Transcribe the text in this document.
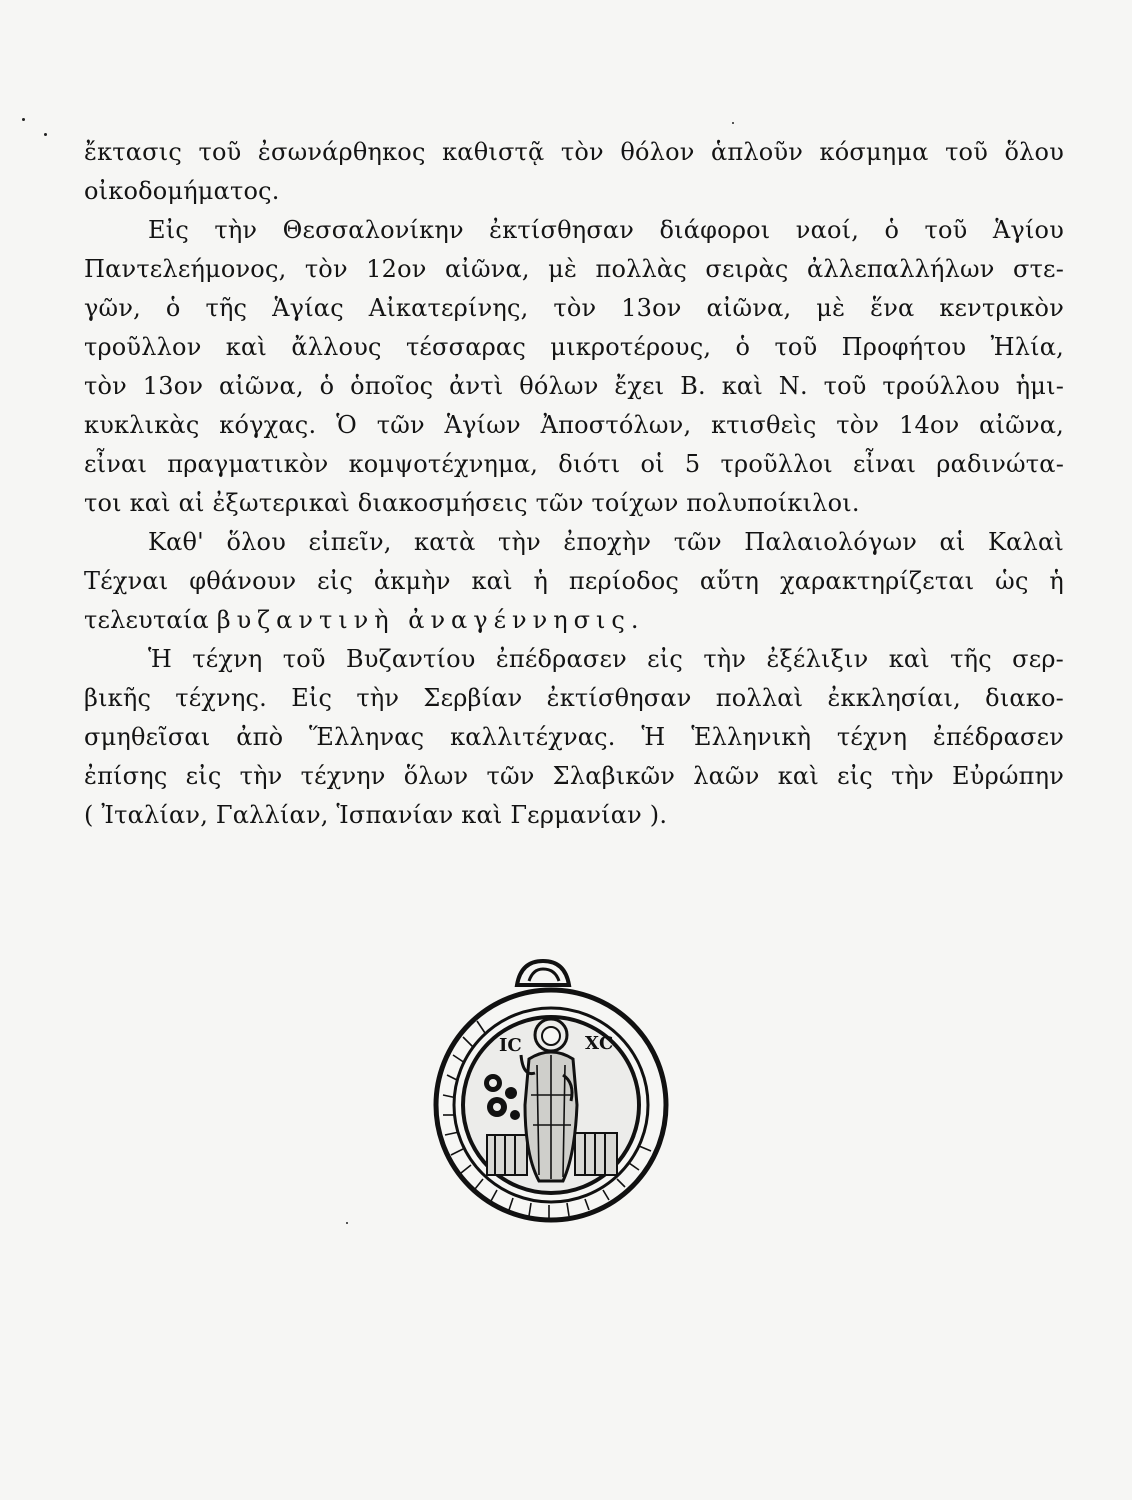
ἔκτασις τοῦ ἐσωνάρθηκος καθιστᾷ τὸν θόλον ἁπλοῦν κόσμημα τοῦ ὅλου
οἰκοδομήματος.
Εἰς τὴν Θεσσαλονίκην ἐκτίσθησαν διάφοροι ναοί, ὁ τοῦ Ἁγίου
Παντελεήμονος, τὸν 12ον αἰῶνα, μὲ πολλὰς σειρὰς ἀλλεπαλλήλων στε-
γῶν, ὁ τῆς Ἁγίας Αἰκατερίνης, τὸν 13ον αἰῶνα, μὲ ἕνα κεντρικὸν
τροῦλλον καὶ ἄλλους τέσσαρας μικροτέρους, ὁ τοῦ Προφήτου Ἠλία,
τὸν 13ον αἰῶνα, ὁ ὁποῖος ἀντὶ θόλων ἔχει Β. καὶ Ν. τοῦ τρούλλου ἡμι-
κυκλικὰς κόγχας. Ὁ τῶν Ἁγίων Ἀποστόλων, κτισθεὶς τὸν 14ον αἰῶνα,
εἶναι πραγματικὸν κομψοτέχνημα, διότι οἱ 5 τροῦλλοι εἶναι ραδινώτα-
τοι καὶ αἱ ἐξωτερικαὶ διακοσμήσεις τῶν τοίχων πολυποίκιλοι.
Καθ' ὅλου εἰπεῖν, κατὰ τὴν ἐποχὴν τῶν Παλαιολόγων αἱ Καλαὶ
Τέχναι φθάνουν εἰς ἀκμὴν καὶ ἡ περίοδος αὕτη χαρακτηρίζεται ὡς ἡ
τελευταία βυζαντινὴ ἀναγέννησις.
Ἡ τέχνη τοῦ Βυζαντίου ἐπέδρασεν εἰς τὴν ἐξέλιξιν καὶ τῆς σερ-
βικῆς τέχνης. Εἰς τὴν Σερβίαν ἐκτίσθησαν πολλαὶ ἐκκλησίαι, διακο-
σμηθεῖσαι ἀπὸ Ἕλληνας καλλιτέχνας. Ἡ Ἑλληνικὴ τέχνη ἐπέδρασεν
ἐπίσης εἰς τὴν τέχνην ὅλων τῶν Σλαβικῶν λαῶν καὶ εἰς τὴν Εὐρώπην
( Ἰταλίαν, Γαλλίαν, Ἱσπανίαν καὶ Γερμανίαν ).
ΙC	ΧC
